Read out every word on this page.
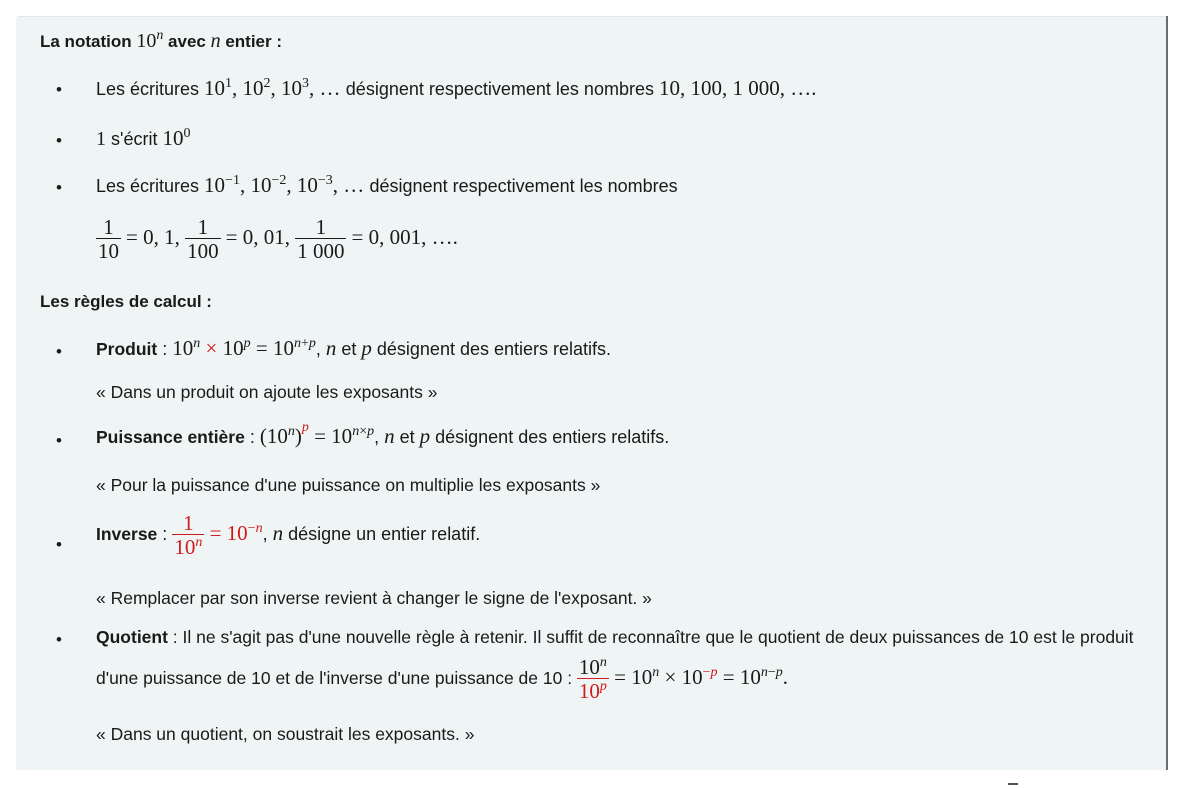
La notation 10$^n$ avec n entier :
• Les écritures $10^1$, $10^2$, $10^3$, … désignent respectivement les nombres 10, 100, 1 000, ….
• 1 s'écrit $10^0$
• Les écritures $10^{-1}$, $10^{-2}$, $10^{-3}$, … désignent respectivement les nombres
$\frac{1}{10} = 0$, 1, $\frac{1}{100} = 0$, 01, $\frac{1}{1 000} = 0$, 001, ….
Les règles de calcul :
• Produit : $10^n \times 10^p = 10^{n+p}$, n et p désignent des entiers relatifs.
« Dans un produit on ajoute les exposants »
• Puissance entière : $(10^n)^p = 10^{n\times p}$, n et p désignent des entiers relatifs.
« Pour la puissance d'une puissance on multiplie les exposants »
•
Inverse : $\frac{1}{10^n} = 10^{-n}$, n désigne un entier relatif.
« Remplacer par son inverse revient à changer le signe de l'exposant. »
• Quotient : Il ne s'agit pas d'une nouvelle règle à retenir. Il suffit de reconnaître que le quotient de deux puissances de 10 est le produit d'une puissance de 10 et de l'inverse d'une puissance de 10 : $\frac{10^n}{10^p} = 10^n \times 10^{-p} = 10^{n-p}$.
« Dans un quotient, on soustrait les exposants. »
